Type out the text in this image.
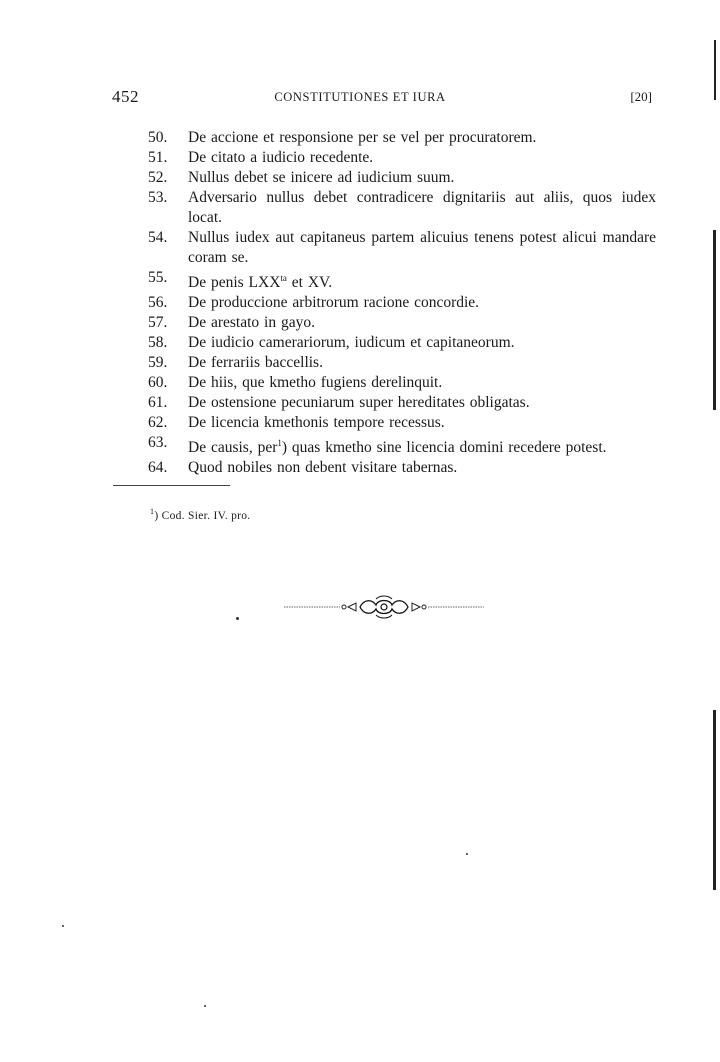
452	CONSTITUTIONES ET IURA	[20]
50.	De accione et responsione per se vel per procuratorem.
51.	De citato a iudicio recedente.
52.	Nullus debet se inicere ad iudicium suum.
53.	Adversario nullus debet contradicere dignitariis aut aliis, quos iudex locat.
54.	Nullus iudex aut capitaneus partem alicuius tenens potest alicui mandare coram se.
55.	De penis $LXX^{ta}$ et XV.
56.	De produccione arbitrorum racione concordie.
57.	De arestato in gayo.
58.	De iudicio camerariorum, iudicum et capitaneorum.
59.	De ferrariis baccellis.
60.	De hiis, que kmetho fugiens derelinquit.
61.	De ostensione pecuniarum super hereditates obligatas.
62.	De licencia kmethonis tempore recessus.
63.	De causis, per$^1$) quas kmetho sine licencia domini recedere potest.
64.	Quod nobiles non debent visitare tabernas.
$^1$) Cod. Sier. IV. pro.
